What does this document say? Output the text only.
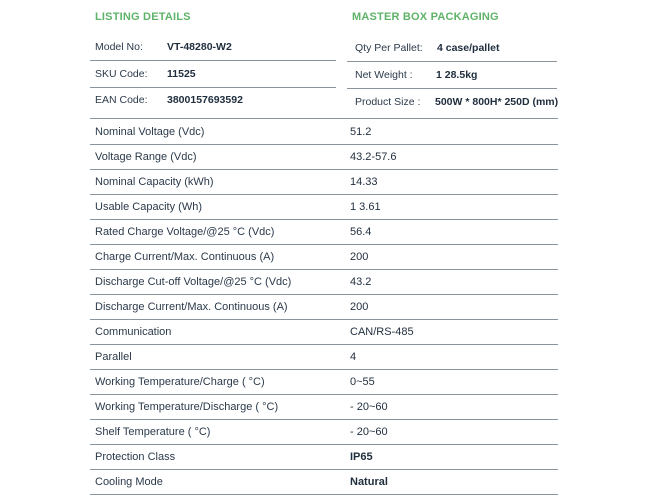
LISTING DETAILS	MASTER BOX PACKAGING
Model No: VT-48280-W2
SKU Code: 11525
EAN Code: 3800157693592
Qty Per Pallet: 4 case/pallet
Net Weight : 1 28.5kg
Product Size : 500W * 800H* 250D (mm)
Nominal Voltage (Vdc)	51.2
Voltage Range (Vdc)	43.2-57.6
Nominal Capacity (kWh)	14.33
Usable Capacity (Wh)	1 3.61
Rated Charge Voltage/@25 °C (Vdc)	56.4
Charge Current/Max. Continuous (A)	200
Discharge Cut-off Voltage/@25 °C (Vdc)	43.2
Discharge Current/Max. Continuous (A)	200
Communication	CAN/RS-485
Parallel	4
Working Temperature/Charge ( °C)	0~55
Working Temperature/Discharge ( °C)	- 20~60
Shelf Temperature ( °C)	- 20~60
Protection Class	IP65
Cooling Mode	Natural
